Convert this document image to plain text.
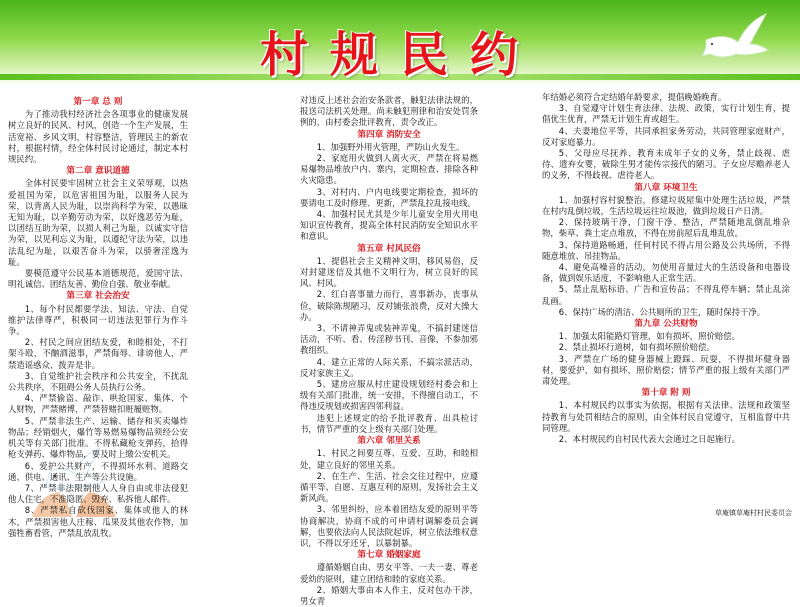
村规民约
第一章 总 则

为了推动我村经济社会各项事业的健康发展树立良好的民风、村风，创造一个生产发展，生活宽裕、乡风文明，村容整洁，管理民主的新农村，根据村情，经全体村民讨论通过，制定本村规民约。

第二章 意识道德

全体村民要牢固树立社会主义荣辱观，以热爱祖国为荣，以危害祖国为耻，以服务人民为荣，以背离人民为耻，以崇尚科学为荣，以愚昧无知为耻，以辛勤劳动为荣，以好逸恶劳为耻，以团结互助为荣，以损人利己为耻，以诚实守信为荣，以见利忘义为耻，以遵纪守法为荣，以违法乱纪为耻，以艰苦奋斗为荣，以骄奢淫逸为耻。

要模范遵守公民基本道德规范，爱国守法、明礼诚信、团结友善、勤俭自强、敬业奉献。

第三章 社会治安

1、每个村民都要学法、知法、守法、自觉维护法律尊严，积极同一切违法犯罪行为作斗争。

2、村民之间应团结友爱，和睦相处，不打架斗殴，不酗酒滋事，严禁侮辱、诽谤他人，严禁造谣惑众、拨弄是非。

3、自觉维护社会秩序和公共安全，不扰乱公共秩序，不阻碍公务人员执行公务。

4、严禁偷盗、敲诈、哄抢国家、集体、个人财物，严禁赌博，严禁替赌扣赃履赃物。

5、严禁非法生产、运输、储存和买卖爆炸物品；经销烟火，爆竹等易燃易爆物品须经公安机关等有关部门批准。不得私藏枪支弹药，拾得枪支弹药、爆炸物品，要及时上缴公安机关。

6、爱护公共财产，不得损坏水利、道路交通、供电、通讯、生产等公共设施。

7、严禁非法限制他人人身自由或非法侵犯他人住宅，不准隐匿、毁弃、私拆他人邮件。

8、严禁私自砍伐国家、集体或他人的林木，严禁损害他人庄稼、瓜果及其他农作物，加强牲畜看管，严禁乱放乱牧。

对违反上述社会治安条款者，触犯法律法规的，报送司法机关处理。尚未触犯刑律和治安处罚条例的，由村委会批评教育，责令改正。

第四章 消防安全

1、加强野外用火管理，严防山火发生。

2、家庭用火做到人离火灭，严禁在将易燃易爆物品堆放户内、寨内，定期检查、排除各种火灾隐患。

3、对村内、户内电线要定期检查，损坏的要请电工及时修理、更新，严禁乱拉乱接电线。

4、加强村民尤其是少年儿童安全用火用电知识宣传教育，提高全体村民消防安全知识水平和意识。

第五章 村风民俗

1、提倡社会主义精神文明，移风易俗，反对封建迷信及其他不文明行为，树立良好的民风、村风。

2、红白喜事量力而行，喜事新办，丧事从俭，破除陈规陋习，反对铺张浪费，反对大操大办。

3、不请神弄鬼或装神弄鬼，不搞封建迷信活动，不听、看、传淫秽书刊、音像，不参加邪教组织。

4、建立正常的人际关系，不搞宗派活动，反对家族主义。

5、建房应服从村庄建设规划经村委会和上级有关部门批准，统一安排，不得擅自动工，不得违反规划或损害四邻利益。

违犯上述规定的给予批评教育、出具检讨书，情节严重的交上级有关部门处理。

第六章 邻里关系

1、村民之间要互尊、互爱、互助，和睦相处，建立良好的邻里关系。

2、在生产、生活、社会交往过程中，应遵循平等、自愿、互惠互利的原则，发扬社会主义新风尚。

3、邻里纠纷，应本着团结友爱的原则平等协商解决，协商不成的可申请村调解委员会调解，也要依法向人民法院起诉，树立依法维权意识，不得以牙还牙，以暴制暴。

第七章 婚姻家庭

遵循婚姻自由、男女平等、一夫一妻、尊老爱幼的原则，建立团结和睦的家庭关系。

2、婚姻大事由本人作主，反对包办干涉，男女青

年结婚必须符合定结婚年龄要求，提倡晚婚晚育。

3、自觉遵守计划生育法律、法规、政策，实行计划生育，提倡优生优育，严禁无计划生育或超生。

4、夫妻地位平等，共同承担家务劳动，共同管理家庭财产，反对家庭暴力。

5、父母应尽抚养、教育未成年子女的义务，禁止歧视、虐待、遗弃女婴，破除生男才能传宗接代的陋习。子女应尽赡养老人的义务，不得歧视、虐待老人。

第八章 环境卫生

1、加强村容村貌整治，修建垃圾屋集中处理生活垃圾，严禁在村内乱倒垃圾，生活垃圾运往垃圾池，做到垃圾日产日清。

2、保持玻璃干净，门窗干净、整洁，严禁随地乱倒乱堆杂物，柴草、粪土定点堆放，不得在房前屋后乱堆乱放。

3、保持道路畅通，任何村民不得占用公路及公共场所，不得随意堆放、吊挂物品。

4、避免高噪音的活动，勿使用音量过大的生活设备和电器设备，做到娱乐适度，不影响他人正常生活。

5、禁止乱贴标语、广告和宣传品；不得乱停车辆；禁止乱涂乱画。

6、保持广场的清洁、公共厕所的卫生，随时保持干净。

第九章 公共财物

1、加强太阳能路灯管理，如有损坏，照价赔偿。

2、禁止损坏行道树，如有损坏照价赔偿。

3、严禁在广场的健身器械上蹬踩、玩耍，不得损坏健身器材，要爱护，如有损坏，照价赔偿；情节严重的报上级有关部门严肃处理。

第十章 附 则

1、本村规民约以事实为依据，根据有关法律、法规和政策坚持教育与处罚相结合的原则，由全体村民自觉遵守，互相监督中共同管理。

2、本村规民约自村民代表大会通过之日起施行。

草庵镇草庵村村民委员会
